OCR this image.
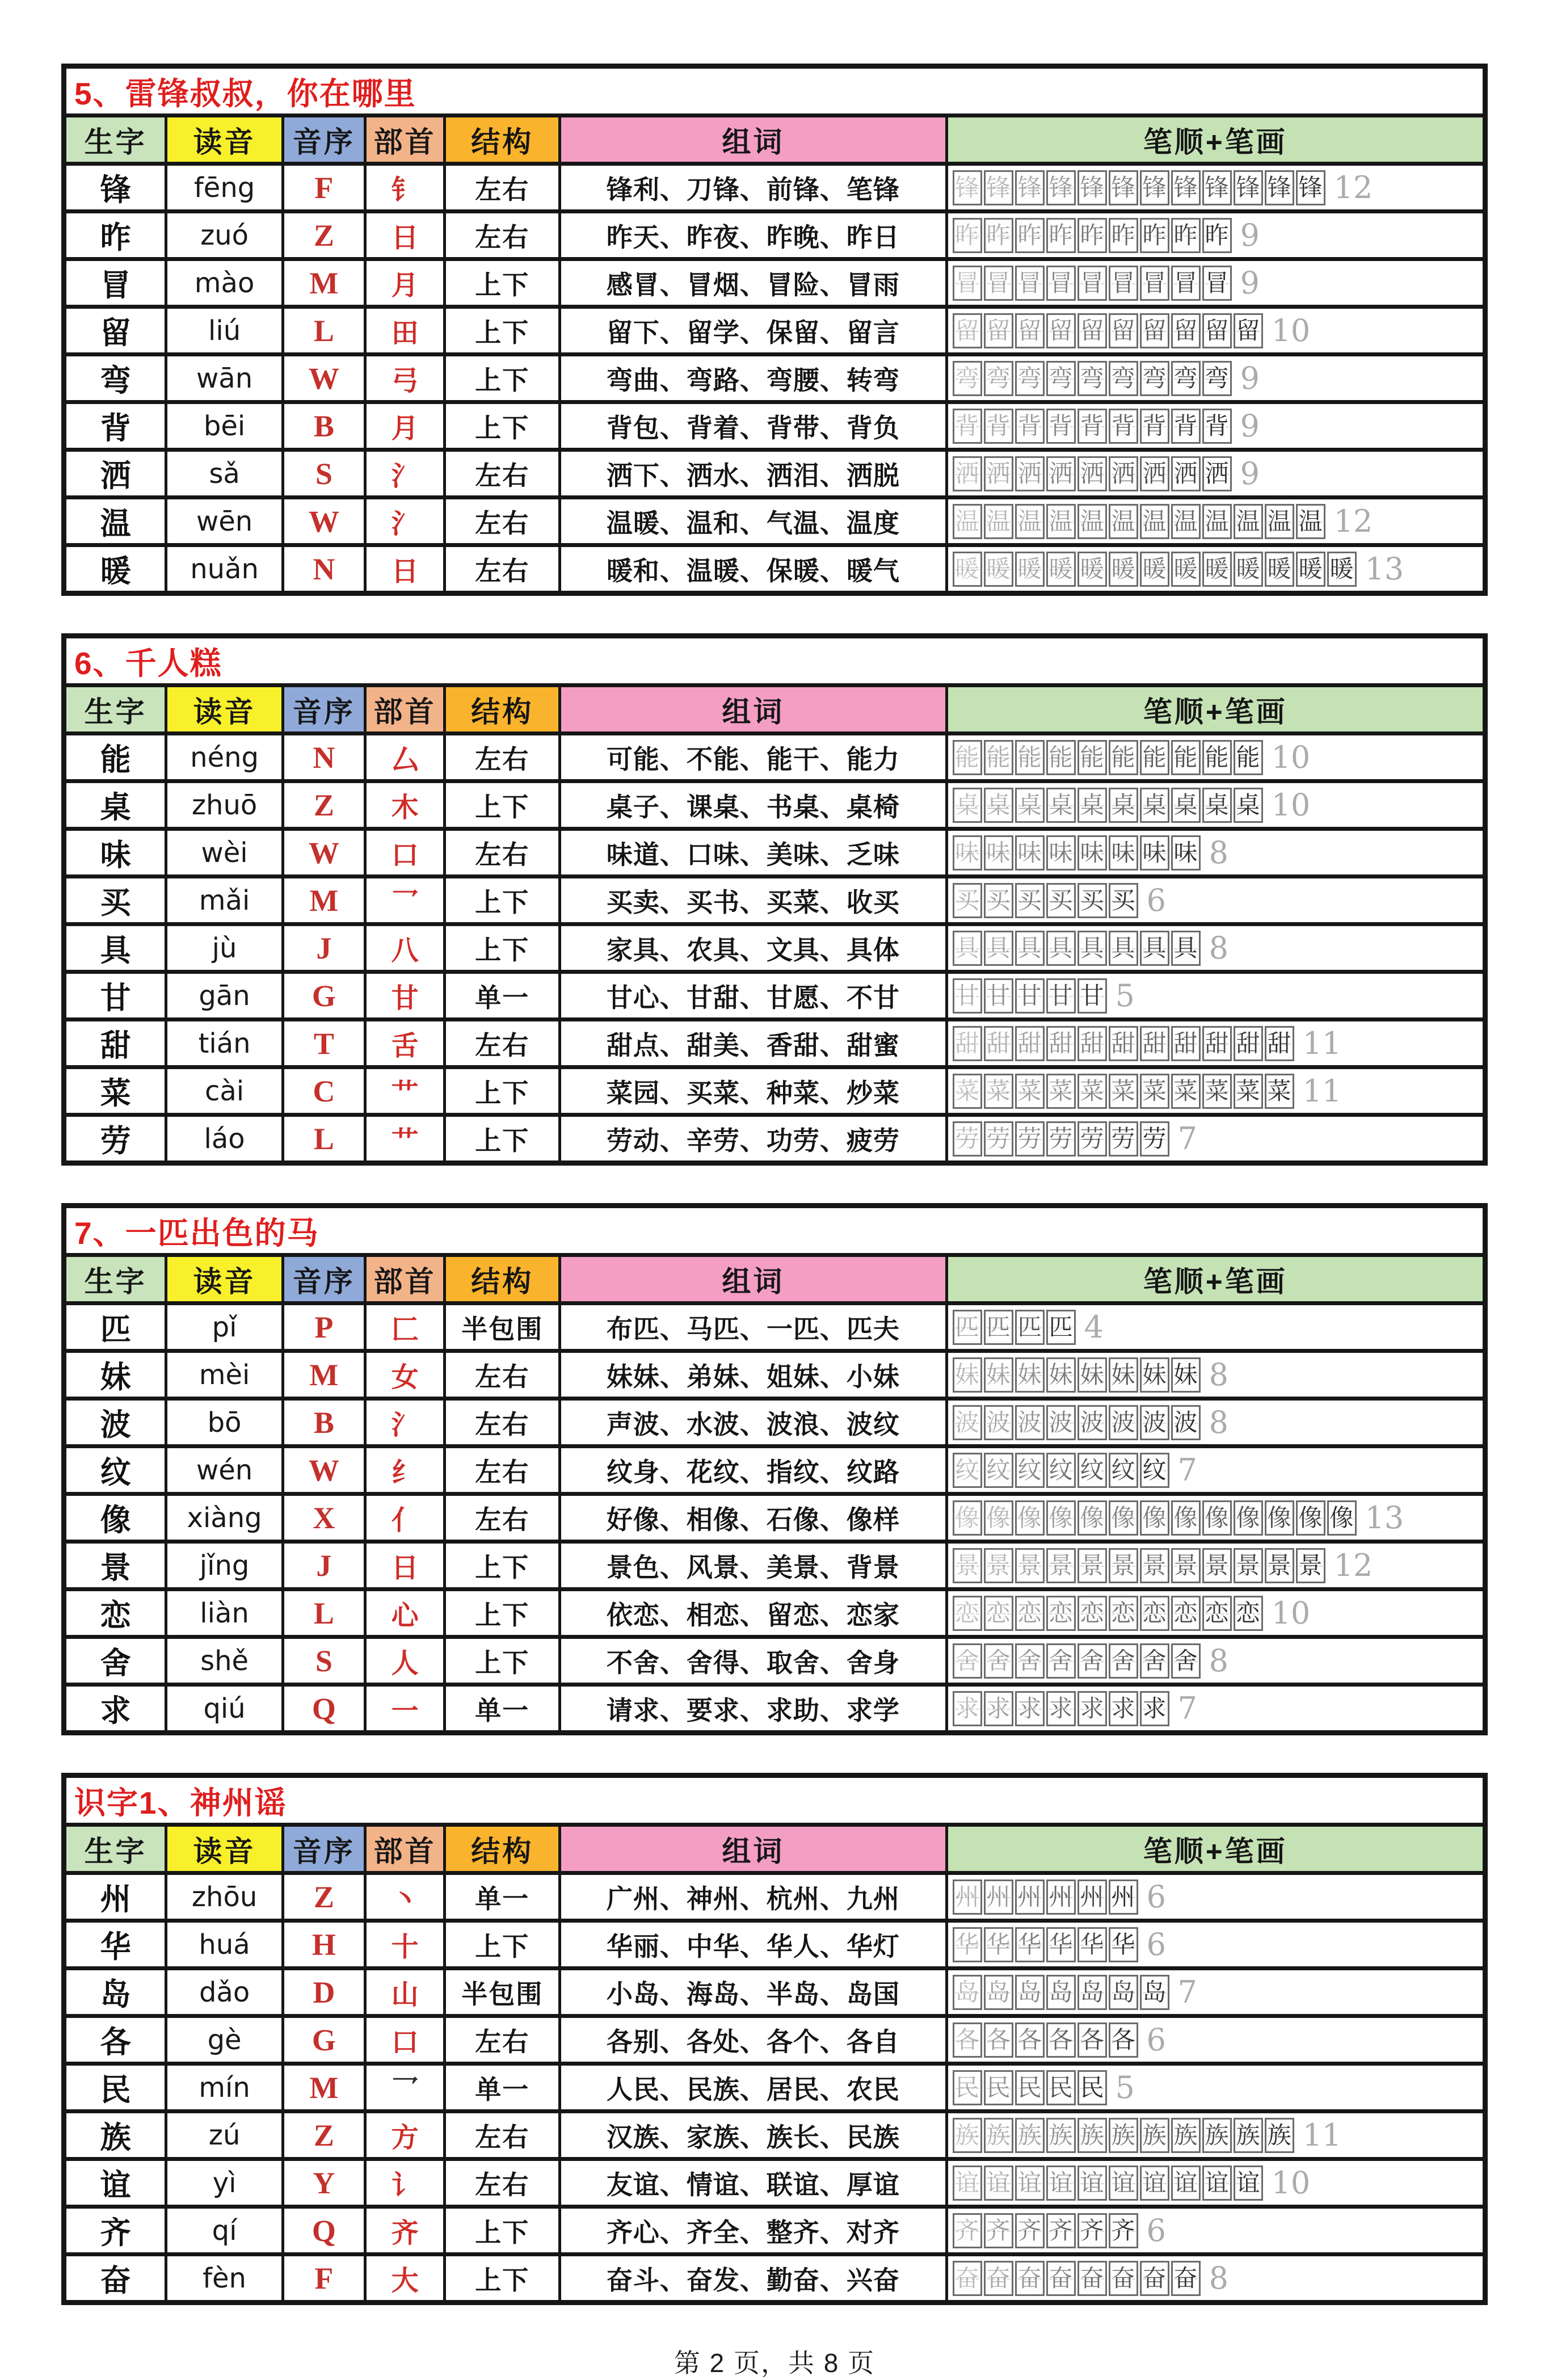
5、雷锋叔叔，你在哪里						
生字	读音	音序	部首	结构	组词	笔顺+笔画
锋	fēng	F	钅	左右	锋利、刀锋、前锋、笔锋	锋 锋 锋 锋 锋 锋 锋 锋 锋 锋 锋 锋 12

昨	zuó	Z	日	左右	昨天、昨夜、昨晚、昨日	昨 昨 昨 昨 昨 昨 昨 昨 昨 9

冒	mào	M	月	上下	感冒、冒烟、冒险、冒雨	冒 冒 冒 冒 冒 冒 冒 冒 冒 9

留	liú	L	田	上下	留下、留学、保留、留言	留 留 留 留 留 留 留 留 留 留 10

弯	wān	W	弓	上下	弯曲、弯路、弯腰、转弯	弯 弯 弯 弯 弯 弯 弯 弯 弯 9

背	bēi	B	月	上下	背包、背着、背带、背负	背 背 背 背 背 背 背 背 背 9

洒	sǎ	S	氵	左右	洒下、洒水、洒泪、洒脱	洒 洒 洒 洒 洒 洒 洒 洒 洒 9

温	wēn	W	氵	左右	温暖、温和、气温、温度	温 温 温 温 温 温 温 温 温 温 温 温 12

暖	nuǎn	N	日	左右	暖和、温暖、保暖、暖气	暖 暖 暖 暖 暖 暖 暖 暖 暖 暖 暖 暖 暖 13
6、千人糕						
生字	读音	音序	部首	结构	组词	笔顺+笔画
能	néng	N	厶	左右	可能、不能、能干、能力	能 能 能 能 能 能 能 能 能 能 10

桌	zhuō	Z	木	上下	桌子、课桌、书桌、桌椅	桌 桌 桌 桌 桌 桌 桌 桌 桌 桌 10

味	wèi	W	口	左右	味道、口味、美味、乏味	味 味 味 味 味 味 味 味 8

买	mǎi	M	乛	上下	买卖、买书、买菜、收买	买 买 买 买 买 买 6

具	jù	J	八	上下	家具、农具、文具、具体	具 具 具 具 具 具 具 具 8

甘	gān	G	甘	单一	甘心、甘甜、甘愿、不甘	甘 甘 甘 甘 甘 5

甜	tián	T	舌	左右	甜点、甜美、香甜、甜蜜	甜 甜 甜 甜 甜 甜 甜 甜 甜 甜 甜 11

菜	cài	C	艹	上下	菜园、买菜、种菜、炒菜	菜 菜 菜 菜 菜 菜 菜 菜 菜 菜 菜 11

劳	láo	L	艹	上下	劳动、辛劳、功劳、疲劳	劳 劳 劳 劳 劳 劳 劳 7
7、一匹出色的马						
生字	读音	音序	部首	结构	组词	笔顺+笔画
匹	pǐ	P	匚	半包围	布匹、马匹、一匹、匹夫	匹 匹 匹 匹 4

妹	mèi	M	女	左右	妹妹、弟妹、姐妹、小妹	妹 妹 妹 妹 妹 妹 妹 妹 8

波	bō	B	氵	左右	声波、水波、波浪、波纹	波 波 波 波 波 波 波 波 8

纹	wén	W	纟	左右	纹身、花纹、指纹、纹路	纹 纹 纹 纹 纹 纹 纹 7

像	xiàng	X	亻	左右	好像、相像、石像、像样	像 像 像 像 像 像 像 像 像 像 像 像 像 13

景	jǐng	J	日	上下	景色、风景、美景、背景	景 景 景 景 景 景 景 景 景 景 景 景 12

恋	liàn	L	心	上下	依恋、相恋、留恋、恋家	恋 恋 恋 恋 恋 恋 恋 恋 恋 恋 10

舍	shě	S	人	上下	不舍、舍得、取舍、舍身	舍 舍 舍 舍 舍 舍 舍 舍 8

求	qiú	Q	一	单一	请求、要求、求助、求学	求 求 求 求 求 求 求 7
识字1、神州谣						
生字	读音	音序	部首	结构	组词	笔顺+笔画
州	zhōu	Z	丶	单一	广州、神州、杭州、九州	州 州 州 州 州 州 6

华	huá	H	十	上下	华丽、中华、华人、华灯	华 华 华 华 华 华 6

岛	dǎo	D	山	半包围	小岛、海岛、半岛、岛国	岛 岛 岛 岛 岛 岛 岛 7

各	gè	G	口	左右	各别、各处、各个、各自	各 各 各 各 各 各 6

民	mín	M	乛	单一	人民、民族、居民、农民	民 民 民 民 民 5

族	zú	Z	方	左右	汉族、家族、族长、民族	族 族 族 族 族 族 族 族 族 族 族 11

谊	yì	Y	讠	左右	友谊、情谊、联谊、厚谊	谊 谊 谊 谊 谊 谊 谊 谊 谊 谊 10

齐	qí	Q	齐	上下	齐心、齐全、整齐、对齐	齐 齐 齐 齐 齐 齐 6

奋	fèn	F	大	上下	奋斗、奋发、勤奋、兴奋	奋 奋 奋 奋 奋 奋 奋 奋 8
第 2 页，共 8 页
